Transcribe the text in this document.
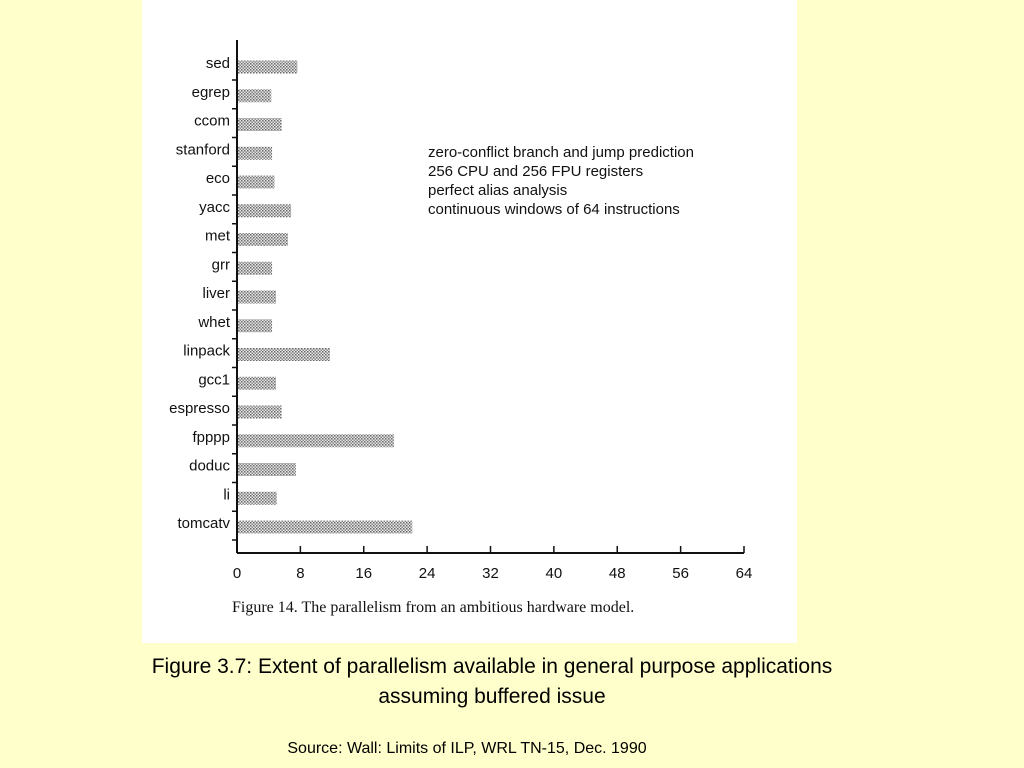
sed
egrep
ccom
stanford
eco
yacc
met
grr
liver
whet
linpack
gcc1
espresso
fpppp
doduc
li
tomcatv
0	8	16	24	32	40	48	56	64
zero-conflict branch and jump prediction
256 CPU and 256 FPU registers
perfect alias analysis
continuous windows of 64 instructions
Figure 14. The parallelism from an ambitious hardware model.
Figure 3.7: Extent of parallelism available in general purpose applications
assuming buffered issue
Source: Wall: Limits of ILP, WRL TN-15, Dec. 1990
